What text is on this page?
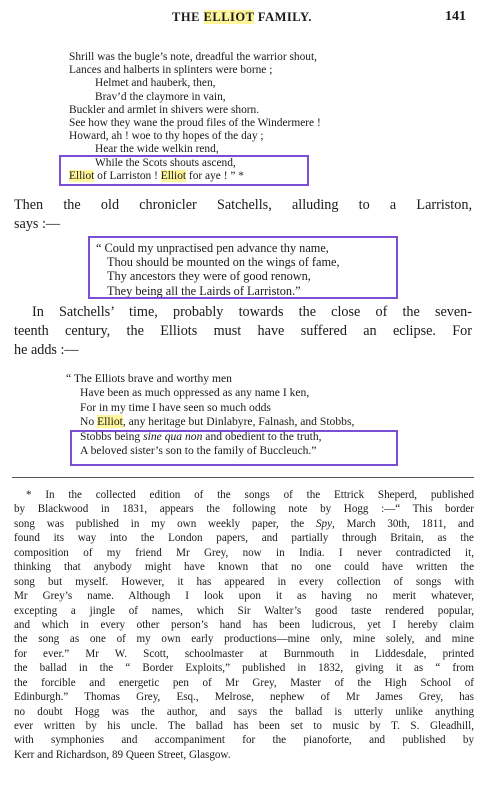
THE ELLIOT FAMILY.	141
Shrill was the bugle’s note, dreadful the warrior shout,
Lances and halberts in splinters were borne ;
Helmet and hauberk, then,
Brav’d the claymore in vain,
Buckler and armlet in shivers were shorn.
See how they wane the proud files of the Windermere !
Howard, ah ! woe to thy hopes of the day ;
Hear the wide welkin rend,
While the Scots shouts ascend,
Elliot of Larriston ! Elliot for aye ! ” *
Then the old chronicler Satchells, alluding to a Larriston,
says :—
“ Could my unpractised pen advance thy name,
Thou should be mounted on the wings of fame,
Thy ancestors they were of good renown,
They being all the Lairds of Larriston.”
In Satchells’ time, probably towards the close of the seven-
teenth century, the Elliots must have suffered an eclipse. For
he adds :—
“ The Elliots brave and worthy men
Have been as much oppressed as any name I ken,
For in my time I have seen so much odds
No Elliot, any heritage but Dinlabyre, Falnash, and Stobbs,
Stobbs being sine qua non and obedient to the truth,
A beloved sister’s son to the family of Buccleuch.”
* In the collected edition of the songs of the Ettrick Sheperd, published
by Blackwood in 1831, appears the following note by Hogg :—“ This border
song was published in my own weekly paper, the Spy, March 30th, 1811, and
found its way into the London papers, and partially through Britain, as the
composition of my friend Mr Grey, now in India. I never contradicted it,
thinking that anybody might have known that no one could have written the
song but myself. However, it has appeared in every collection of songs with
Mr Grey’s name. Although I look upon it as having no merit whatever,
excepting a jingle of names, which Sir Walter’s good taste rendered popular,
and which in every other person’s hand has been ludicrous, yet I hereby claim
the song as one of my own early productions—mine only, mine solely, and mine
for ever.” Mr W. Scott, schoolmaster at Burnmouth in Liddesdale, printed
the ballad in the “ Border Exploits,” published in 1832, giving it as “ from
the forcible and energetic pen of Mr Grey, Master of the High School of
Edinburgh.” Thomas Grey, Esq., Melrose, nephew of Mr James Grey, has
no doubt Hogg was the author, and says the ballad is utterly unlike anything
ever written by his uncle. The ballad has been set to music by T. S. Gleadhill,
with symphonies and accompaniment for the pianoforte, and published by
Kerr and Richardson, 89 Queen Street, Glasgow.
